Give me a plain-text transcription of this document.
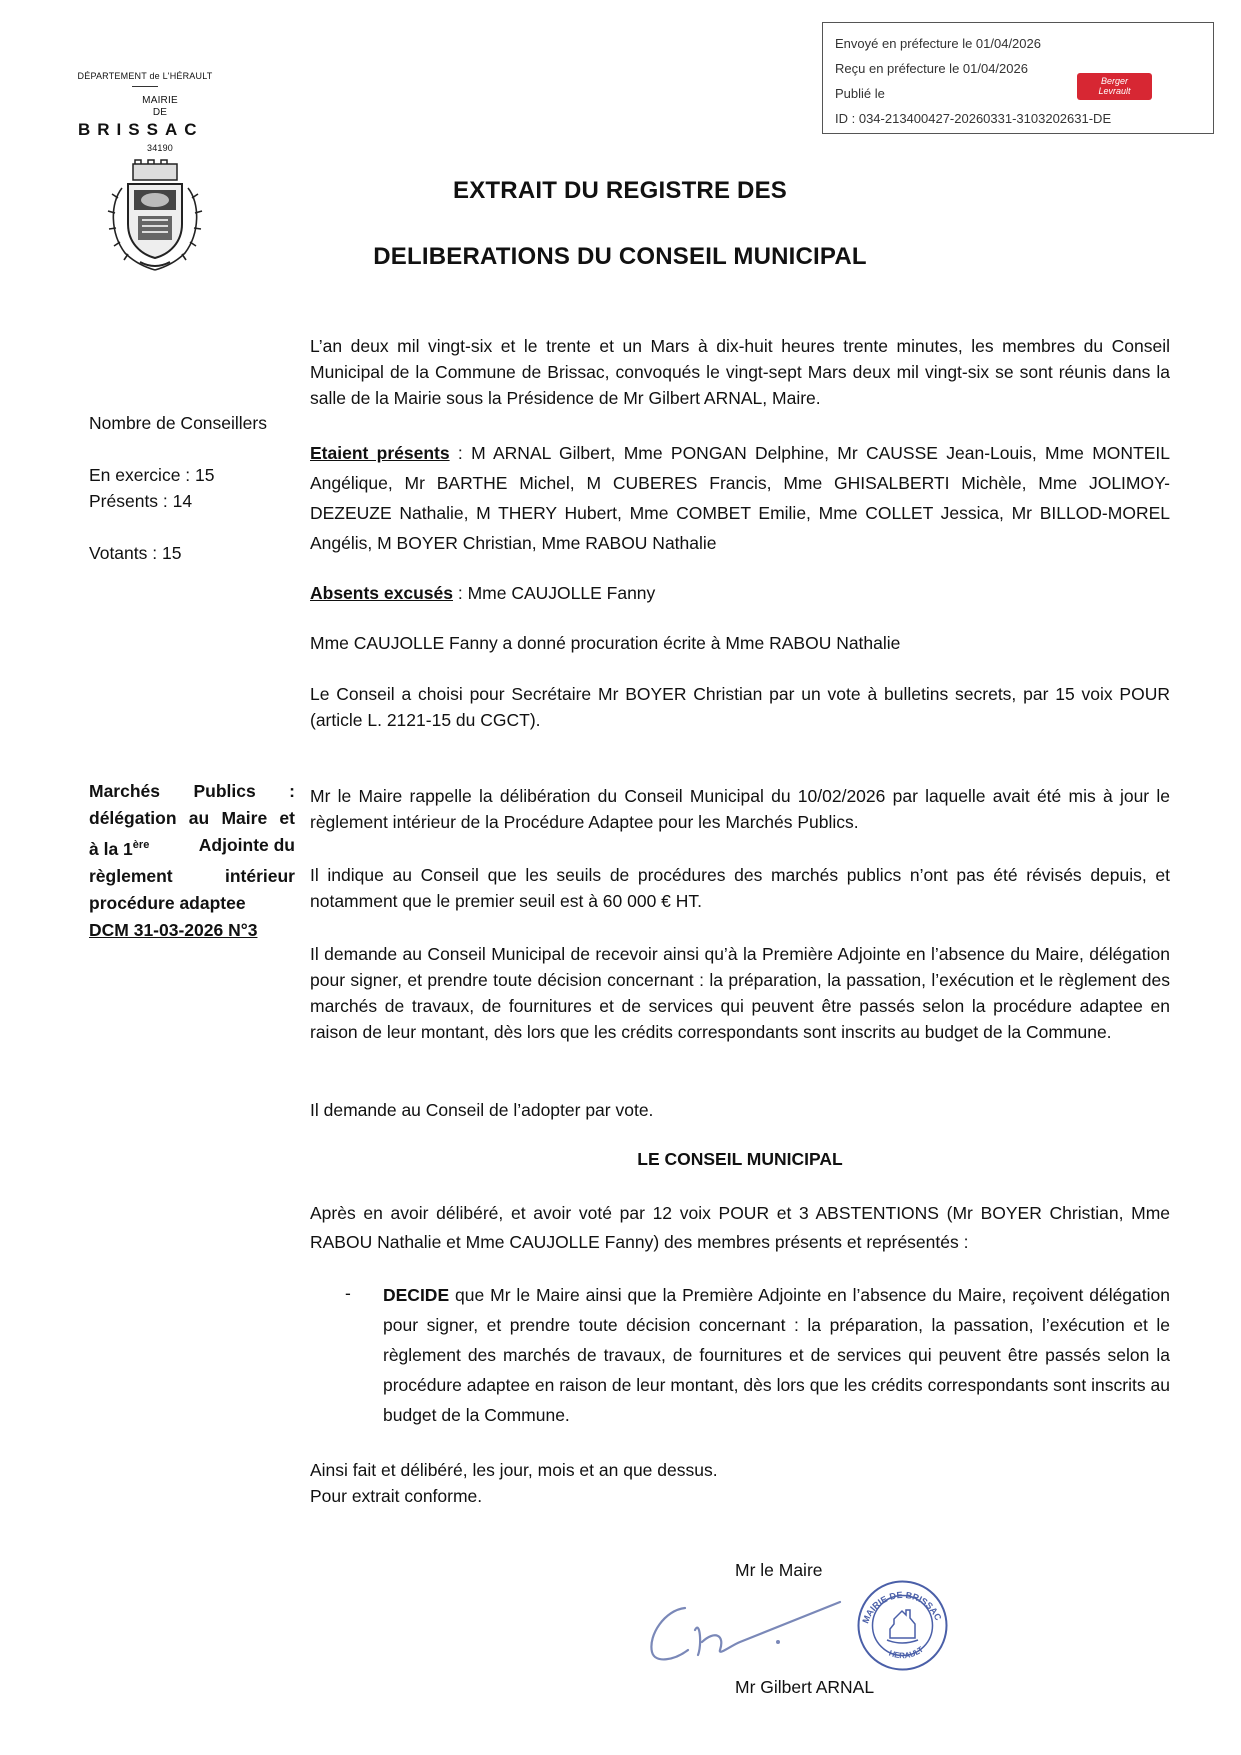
Envoyé en préfecture le 01/04/2026
Reçu en préfecture le 01/04/2026
Publié le
ID : 034-213400427-20260331-3103202631-DE
Berger
Levrault
DÉPARTEMENT de L'HÉRAULT
MAIRIE
DE
BRISSAC
34190
EXTRAIT DU REGISTRE DES
DELIBERATIONS DU CONSEIL MUNICIPAL
Nombre de Conseillers
En exercice : 15
Présents : 14
Votants : 15
L’an deux mil vingt-six et le trente et un Mars à dix-huit heures trente minutes, les membres du Conseil Municipal de la Commune de Brissac, convoqués le vingt-sept Mars deux mil vingt-six se sont réunis dans la salle de la Mairie sous la Présidence de Mr Gilbert ARNAL, Maire.
Etaient présents : M ARNAL Gilbert, Mme PONGAN Delphine, Mr CAUSSE Jean-Louis, Mme MONTEIL Angélique, Mr BARTHE Michel, M CUBERES Francis, Mme GHISALBERTI Michèle, Mme JOLIMOY-DEZEUZE Nathalie, M THERY Hubert, Mme COMBET Emilie, Mme COLLET Jessica, Mr BILLOD-MOREL Angélis, M BOYER Christian, Mme RABOU Nathalie
Absents excusés : Mme CAUJOLLE Fanny
Mme CAUJOLLE Fanny a donné procuration écrite à Mme RABOU Nathalie
Le Conseil a choisi pour Secrétaire Mr BOYER Christian par un vote à bulletins secrets, par 15 voix POUR (article L. 2121-15 du CGCT).
Marchés Publics :
délégation au Maire et
à la 1ère	Adjointe du
règlement intérieur
procédure adaptee
DCM 31-03-2026 N°3
Mr le Maire rappelle la délibération du Conseil Municipal du 10/02/2026 par laquelle avait été mis à jour le règlement intérieur de la Procédure Adaptee pour les Marchés Publics.
Il indique au Conseil que les seuils de procédures des marchés publics n’ont pas été révisés depuis, et notamment que le premier seuil est à 60 000 € HT.
Il demande au Conseil Municipal de recevoir ainsi qu’à la Première Adjointe en l’absence du Maire, délégation pour signer, et prendre toute décision concernant : la préparation, la passation, l’exécution et le règlement des marchés de travaux, de fournitures et de services qui peuvent être passés selon la procédure adaptee en raison de leur montant, dès lors que les crédits correspondants sont inscrits au budget de la Commune.
Il demande au Conseil de l’adopter par vote.
LE CONSEIL MUNICIPAL
Après en avoir délibéré, et avoir voté par 12 voix POUR et 3 ABSTENTIONS (Mr BOYER Christian, Mme RABOU Nathalie et Mme CAUJOLLE Fanny) des membres présents et représentés :
- DECIDE que Mr le Maire ainsi que la Première Adjointe en l’absence du Maire, reçoivent délégation pour signer, et prendre toute décision concernant : la préparation, la passation, l’exécution et le règlement des marchés de travaux, de fournitures et de services qui peuvent être passés selon la procédure adaptee en raison de leur montant, dès lors que les crédits correspondants sont inscrits au budget de la Commune.
Ainsi fait et délibéré, les jour, mois et an que dessus.
Pour extrait conforme.
Mr le Maire
MAIRIE DE BRISSAC
HERAULT
Mr Gilbert ARNAL
